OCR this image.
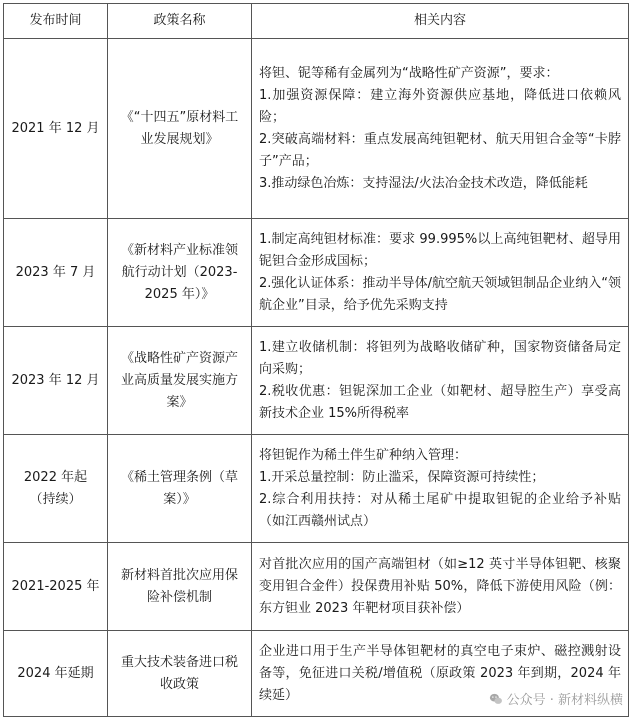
发布时间	政策名称	相关内容
2021 年 12 月	《“十四五”原材料工业发展规划》	将钽、铌等稀有金属列为“战略性矿产资源”，要求：
1.加强资源保障：建立海外资源供应基地，降低进口依赖风险；
2.突破高端材料：重点发展高纯钽靶材、航天用钽合金等“卡脖子”产品；
3.推动绿色冶炼：支持湿法/火法冶金技术改造，降低能耗

2023 年 7 月	《新材料产业标准领航行动计划（2023-2025 年）》	1.制定高纯钽材标准：要求 99.995%以上高纯钽靶材、超导用铌钽合金形成国标；
2.强化认证体系：推动半导体/航空航天领域钽制品企业纳入“领航企业”目录，给予优先采购支持

2023 年 12 月	《战略性矿产资源产业高质量发展实施方案》	1.建立收储机制：将钽列为战略收储矿种，国家物资储备局定向采购；
2.税收优惠：钽铌深加工企业（如靶材、超导腔生产）享受高新技术企业 15%所得税率

2022 年起（持续）	《稀土管理条例（草案）》	将钽铌作为稀土伴生矿种纳入管理：
1.开采总量控制：防止滥采，保障资源可持续性；
2.综合利用扶持：对从稀土尾矿中提取钽铌的企业给予补贴（如江西赣州试点）

2021-2025 年	新材料首批次应用保险补偿机制	对首批次应用的国产高端钽材（如≥12 英寸半导体钽靶、核聚变用钽合金件）投保费用补贴 50%，降低下游使用风险（例：东方钽业 2023 年靶材项目获补偿）

2024 年延期	重大技术装备进口税收政策	企业进口用于生产半导体钽靶材的真空电子束炉、磁控溅射设备等，免征进口关税/增值税（原政策 2023 年到期，2024 年续延）	公众号 · 新材料纵横
